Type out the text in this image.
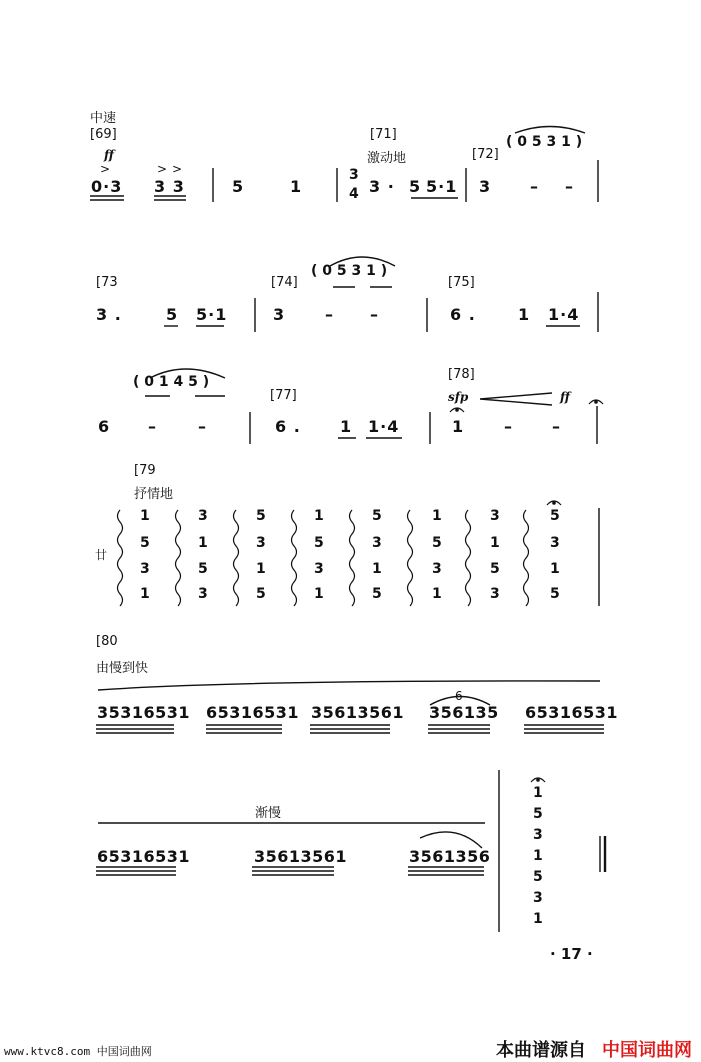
中速
[69]
ff
>	> >
[71]
激动地	[72]
( 0 5 3 1 )
0·3 3 3	5	1
3
4 3 · 5 5·1 3 – –
[73	[74]
( 0 5 3 1 )
[75]
3 .	5 5·1	3 – –	6 .	1 1·4
( 0 1 4 5 )
[77]
[78]
sfp	ff
6 –	–	6 . 1 1·4	1 – –
[79
抒情地
廿
1
5
3
1
3
1
5
3
5
3
1
5
1
5
3
1
5
3
1
5
1
5
3
1
3
1
5
3
5
3
1
5
[80
由慢到快
6
35316531 65316531 35613561 356135 65316531
渐慢
65316531	35613561	3561356
1
5
3
1
5
3
1
· 17 ·
www.ktvc8.com 中国词曲网	本曲谱源自 中国词曲网
